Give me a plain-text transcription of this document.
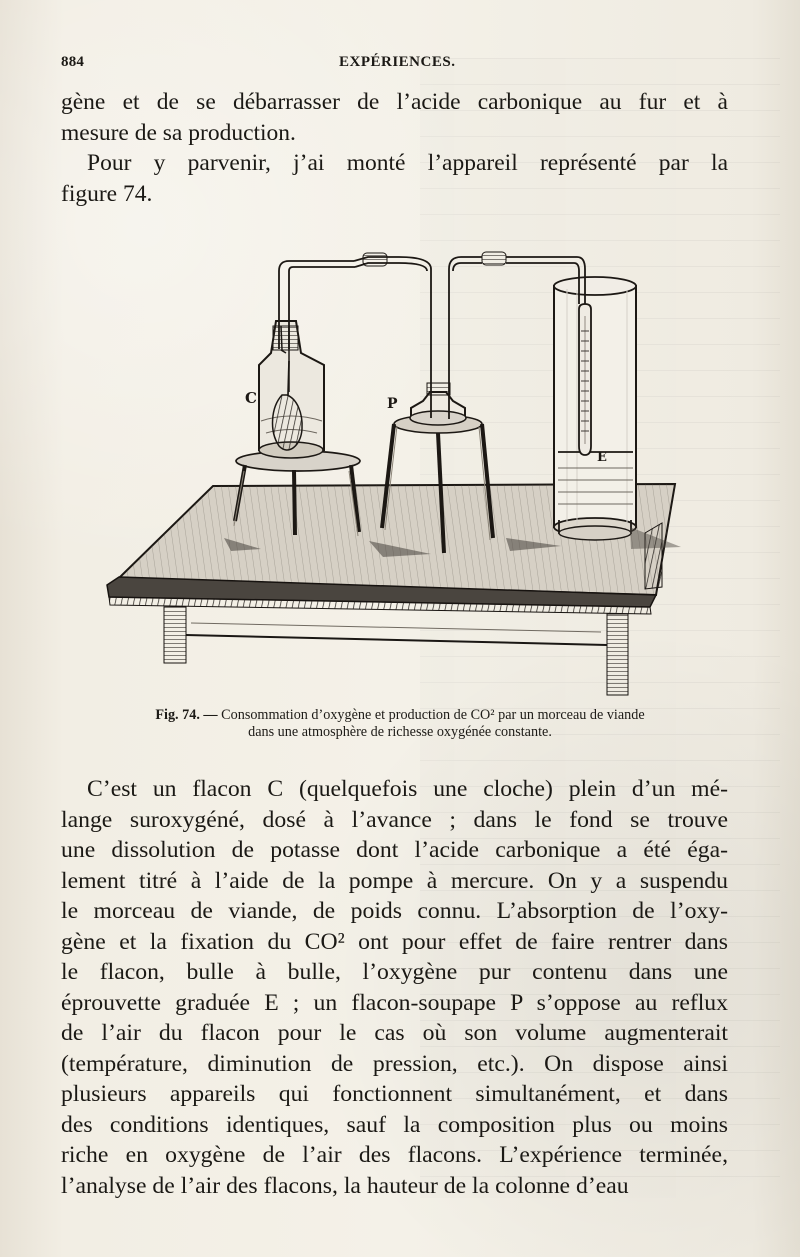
884	EXPÉRIENCES.
gène et de se débarrasser de l’acide carbonique au fur et à
mesure de sa production.
Pour y parvenir, j’ai monté l’appareil représenté par la
figure 74.
C	P
E
Fig. 74. — Consommation d’oxygène et production de CO² par un morceau de viande
dans une atmosphère de richesse oxygénée constante.
C’est un flacon C (quelquefois une cloche) plein d’un mé-
lange suroxygéné, dosé à l’avance ; dans le fond se trouve
une dissolution de potasse dont l’acide carbonique a été éga-
lement titré à l’aide de la pompe à mercure. On y a suspendu
le morceau de viande, de poids connu. L’absorption de l’oxy-
gène et la fixation du CO² ont pour effet de faire rentrer dans
le flacon, bulle à bulle, l’oxygène pur contenu dans une
éprouvette graduée E ; un flacon-soupape P s’oppose au reflux
de l’air du flacon pour le cas où son volume augmenterait
(température, diminution de pression, etc.). On dispose ainsi
plusieurs appareils qui fonctionnent simultanément, et dans
des conditions identiques, sauf la composition plus ou moins
riche en oxygène de l’air des flacons. L’expérience terminée,
l’analyse de l’air des flacons, la hauteur de la colonne d’eau
